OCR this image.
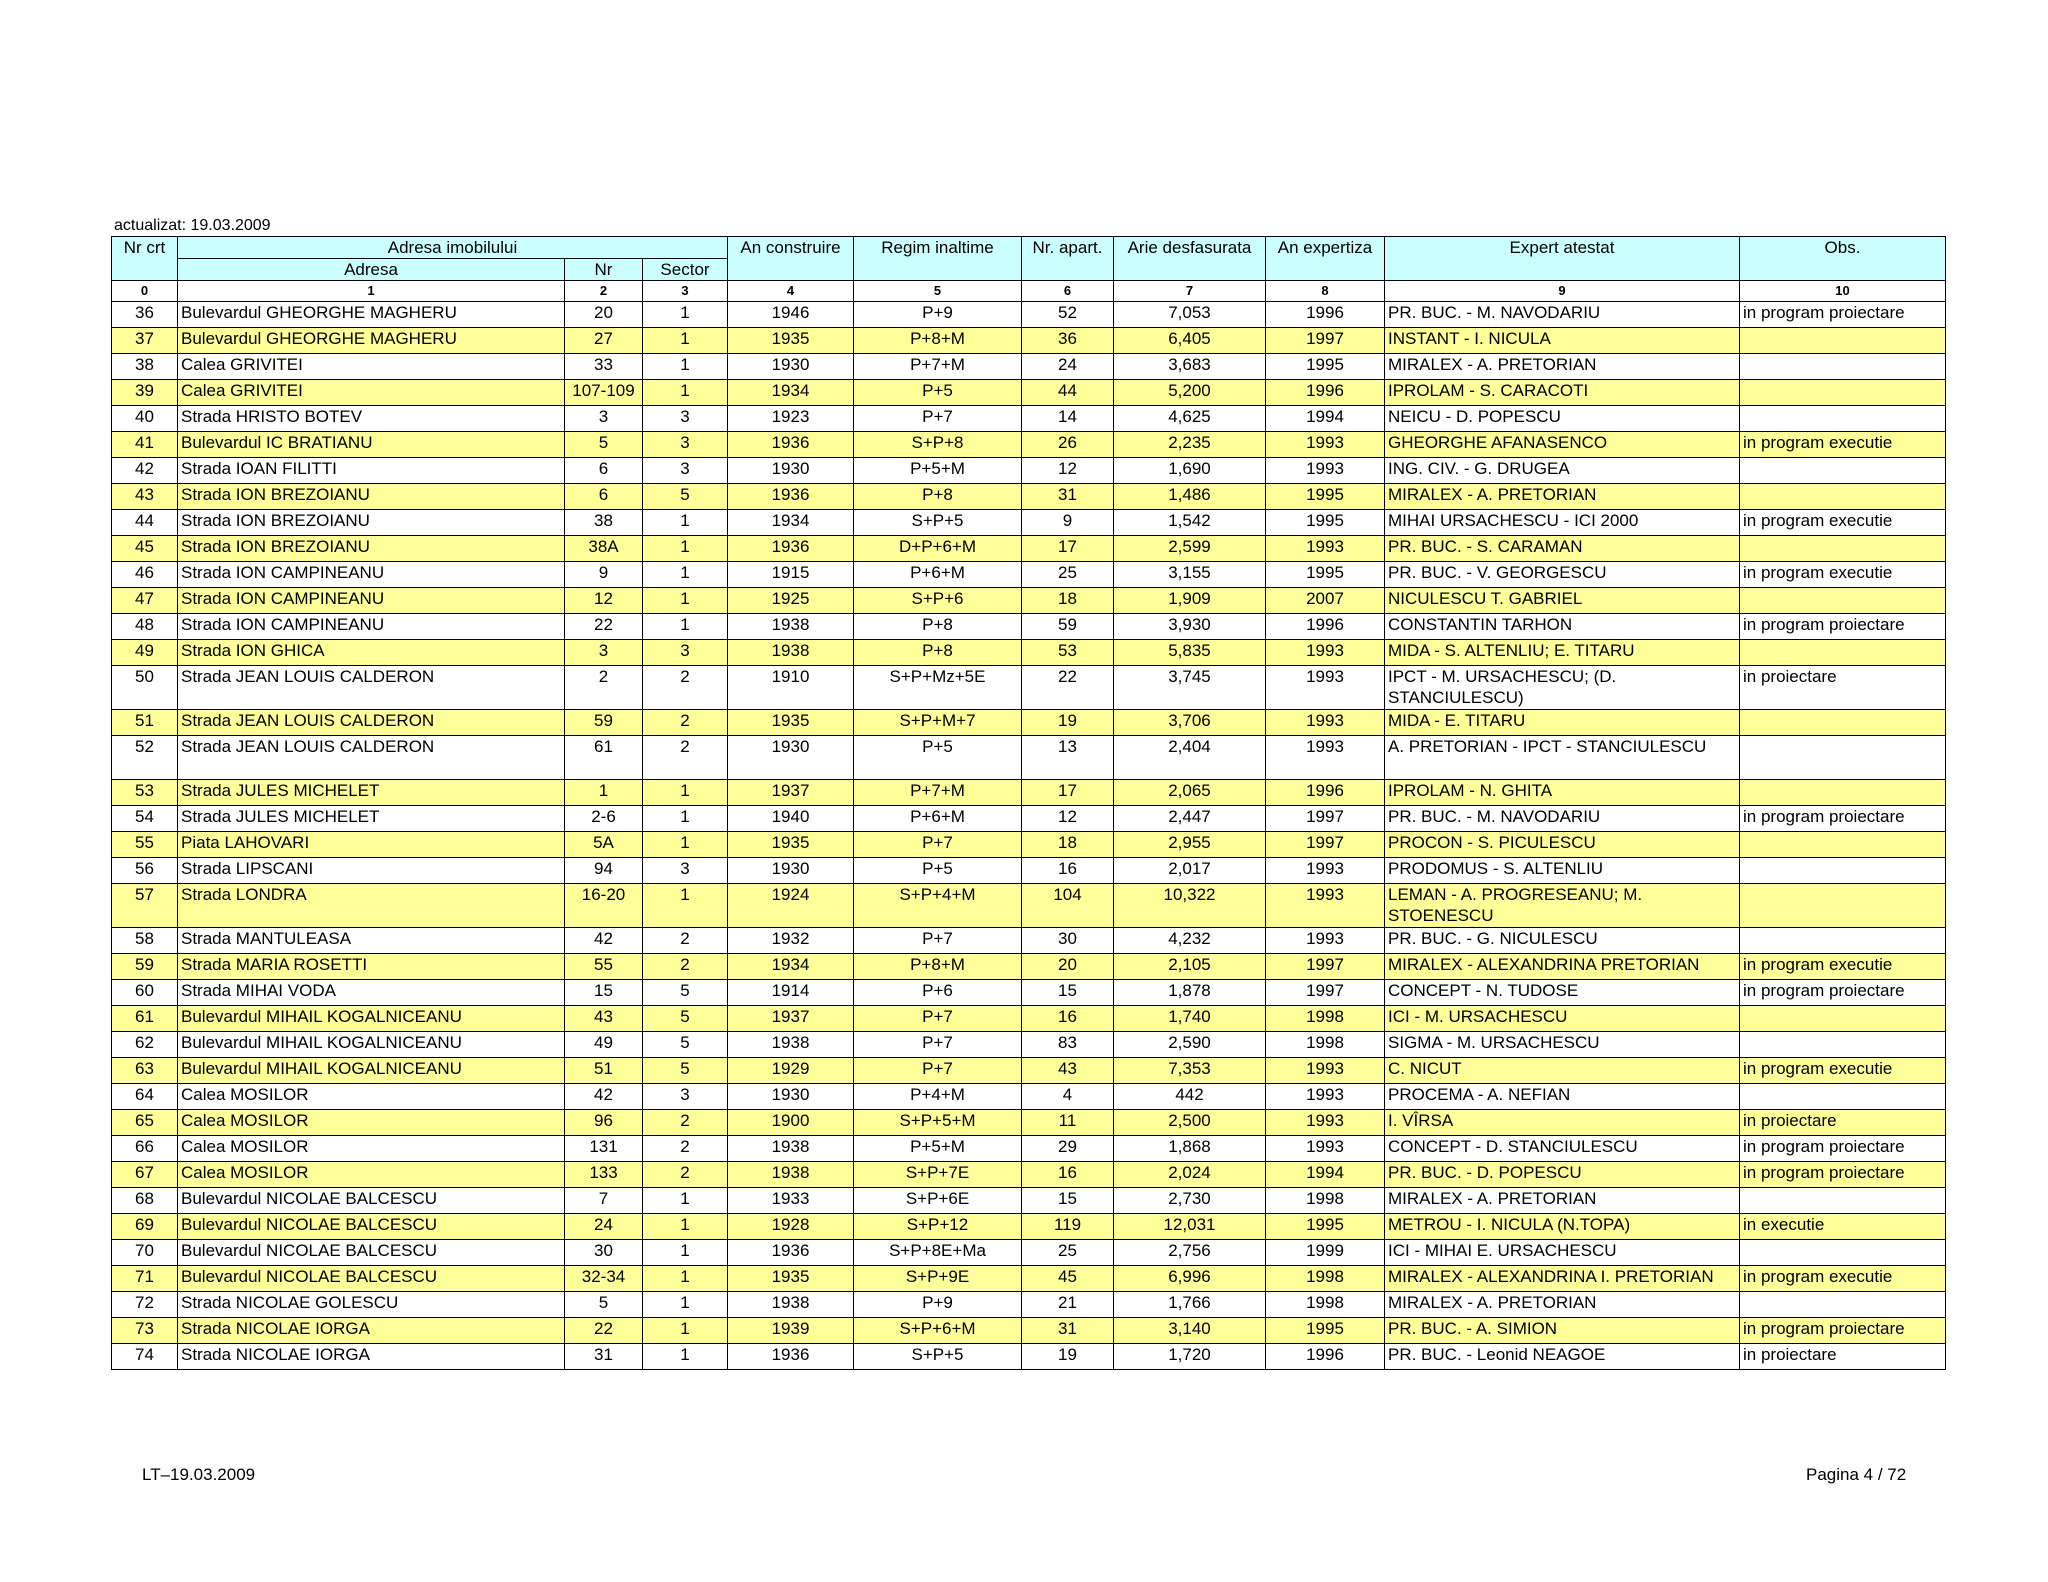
actualizat: 19.03.2009
Nr crt	Adresa imobilului			An construire	Regim inaltime	Nr. apart.	Arie desfasurata	An expertiza	Expert atestat	Obs.
	Adresa	Nr	Sector							
0	1	2	3	4	5	6	7	8	9	10
36	Bulevardul GHEORGHE MAGHERU	20	1	1946	P+9	52	7,053	1996	PR. BUC. - M. NAVODARIU	in program proiectare
37	Bulevardul GHEORGHE MAGHERU	27	1	1935	P+8+M	36	6,405	1997	INSTANT - I. NICULA	
38	Calea GRIVITEI	33	1	1930	P+7+M	24	3,683	1995	MIRALEX - A. PRETORIAN	
39	Calea GRIVITEI	107-109	1	1934	P+5	44	5,200	1996	IPROLAM - S. CARACOTI	
40	Strada HRISTO BOTEV	3	3	1923	P+7	14	4,625	1994	NEICU - D. POPESCU	
41	Bulevardul IC BRATIANU	5	3	1936	S+P+8	26	2,235	1993	GHEORGHE AFANASENCO	in program executie
42	Strada IOAN FILITTI	6	3	1930	P+5+M	12	1,690	1993	ING. CIV. - G. DRUGEA	
43	Strada ION BREZOIANU	6	5	1936	P+8	31	1,486	1995	MIRALEX - A. PRETORIAN	
44	Strada ION BREZOIANU	38	1	1934	S+P+5	9	1,542	1995	MIHAI URSACHESCU - ICI 2000	in program executie
45	Strada ION BREZOIANU	38A	1	1936	D+P+6+M	17	2,599	1993	PR. BUC. - S. CARAMAN	
46	Strada ION CAMPINEANU	9	1	1915	P+6+M	25	3,155	1995	PR. BUC. - V. GEORGESCU	in program executie
47	Strada ION CAMPINEANU	12	1	1925	S+P+6	18	1,909	2007	NICULESCU T. GABRIEL	
48	Strada ION CAMPINEANU	22	1	1938	P+8	59	3,930	1996	CONSTANTIN TARHON	in program proiectare
49	Strada ION GHICA	3	3	1938	P+8	53	5,835	1993	MIDA - S. ALTENLIU; E. TITARU	
50	Strada JEAN LOUIS CALDERON	2	2	1910	S+P+Mz+5E	22	3,745	1993	IPCT - M. URSACHESCU; (D. STANCIULESCU)	in proiectare
51	Strada JEAN LOUIS CALDERON	59	2	1935	S+P+M+7	19	3,706	1993	MIDA - E. TITARU	
52	Strada JEAN LOUIS CALDERON	61	2	1930	P+5	13	2,404	1993	A. PRETORIAN - IPCT - STANCIULESCU	
53	Strada JULES MICHELET	1	1	1937	P+7+M	17	2,065	1996	IPROLAM - N. GHITA	
54	Strada JULES MICHELET	2-6	1	1940	P+6+M	12	2,447	1997	PR. BUC. - M. NAVODARIU	in program proiectare
55	Piata LAHOVARI	5A	1	1935	P+7	18	2,955	1997	PROCON - S. PICULESCU	
56	Strada LIPSCANI	94	3	1930	P+5	16	2,017	1993	PRODOMUS - S. ALTENLIU	
57	Strada LONDRA	16-20	1	1924	S+P+4+M	104	10,322	1993	LEMAN - A. PROGRESEANU; M. STOENESCU	
58	Strada MANTULEASA	42	2	1932	P+7	30	4,232	1993	PR. BUC. - G. NICULESCU	
59	Strada MARIA ROSETTI	55	2	1934	P+8+M	20	2,105	1997	MIRALEX - ALEXANDRINA PRETORIAN	in program executie
60	Strada MIHAI VODA	15	5	1914	P+6	15	1,878	1997	CONCEPT - N. TUDOSE	in program proiectare
61	Bulevardul MIHAIL KOGALNICEANU	43	5	1937	P+7	16	1,740	1998	ICI - M. URSACHESCU	
62	Bulevardul MIHAIL KOGALNICEANU	49	5	1938	P+7	83	2,590	1998	SIGMA - M. URSACHESCU	
63	Bulevardul MIHAIL KOGALNICEANU	51	5	1929	P+7	43	7,353	1993	C. NICUT	in program executie
64	Calea MOSILOR	42	3	1930	P+4+M	4	442	1993	PROCEMA - A. NEFIAN	
65	Calea MOSILOR	96	2	1900	S+P+5+M	11	2,500	1993	I. VÎRSA	in proiectare
66	Calea MOSILOR	131	2	1938	P+5+M	29	1,868	1993	CONCEPT - D. STANCIULESCU	in program proiectare
67	Calea MOSILOR	133	2	1938	S+P+7E	16	2,024	1994	PR. BUC. - D. POPESCU	in program proiectare
68	Bulevardul NICOLAE BALCESCU	7	1	1933	S+P+6E	15	2,730	1998	MIRALEX - A. PRETORIAN	
69	Bulevardul NICOLAE BALCESCU	24	1	1928	S+P+12	119	12,031	1995	METROU - I. NICULA (N.TOPA)	in executie
70	Bulevardul NICOLAE BALCESCU	30	1	1936	S+P+8E+Ma	25	2,756	1999	ICI - MIHAI E. URSACHESCU	
71	Bulevardul NICOLAE BALCESCU	32-34	1	1935	S+P+9E	45	6,996	1998	MIRALEX - ALEXANDRINA I. PRETORIAN	in program executie
72	Strada NICOLAE GOLESCU	5	1	1938	P+9	21	1,766	1998	MIRALEX - A. PRETORIAN	
73	Strada NICOLAE IORGA	22	1	1939	S+P+6+M	31	3,140	1995	PR. BUC. - A. SIMION	in program proiectare
74	Strada NICOLAE IORGA	31	1	1936	S+P+5	19	1,720	1996	PR. BUC. - Leonid NEAGOE	in proiectare
LT–19.03.2009	Pagina 4 / 72
